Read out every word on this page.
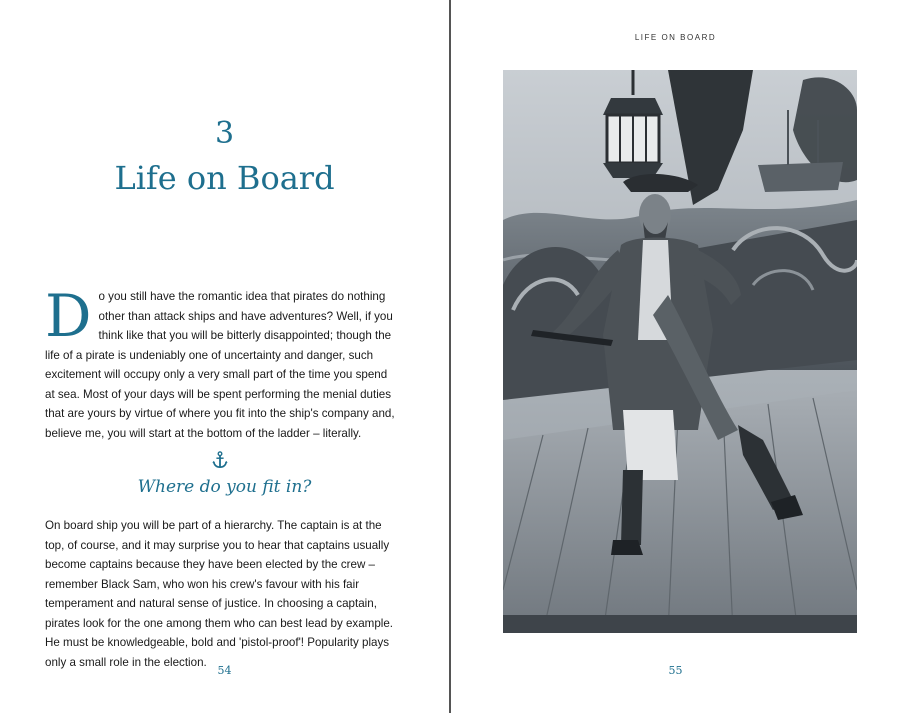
3
Life on Board
Do you still have the romantic idea that pirates do nothing other than attack ships and have adventures? Well, if you think like that you will be bitterly disappointed; though the life of a pirate is undeniably one of uncertainty and danger, such excitement will occupy only a very small part of the time you spend at sea. Most of your days will be spent performing the menial duties that are yours by virtue of where you fit into the ship's company and, believe me, you will start at the bottom of the ladder – literally.
Where do you fit in?
On board ship you will be part of a hierarchy. The captain is at the top, of course, and it may surprise you to hear that captains usually become captains because they have been elected by the crew – remember Black Sam, who won his crew's favour with his fair temperament and natural sense of justice. In choosing a captain, pirates look for the one among them who can best lead by example. He must be knowledgeable, bold and 'pistol-proof'! Popularity plays only a small role in the election.
54
LIFE ON BOARD
55
